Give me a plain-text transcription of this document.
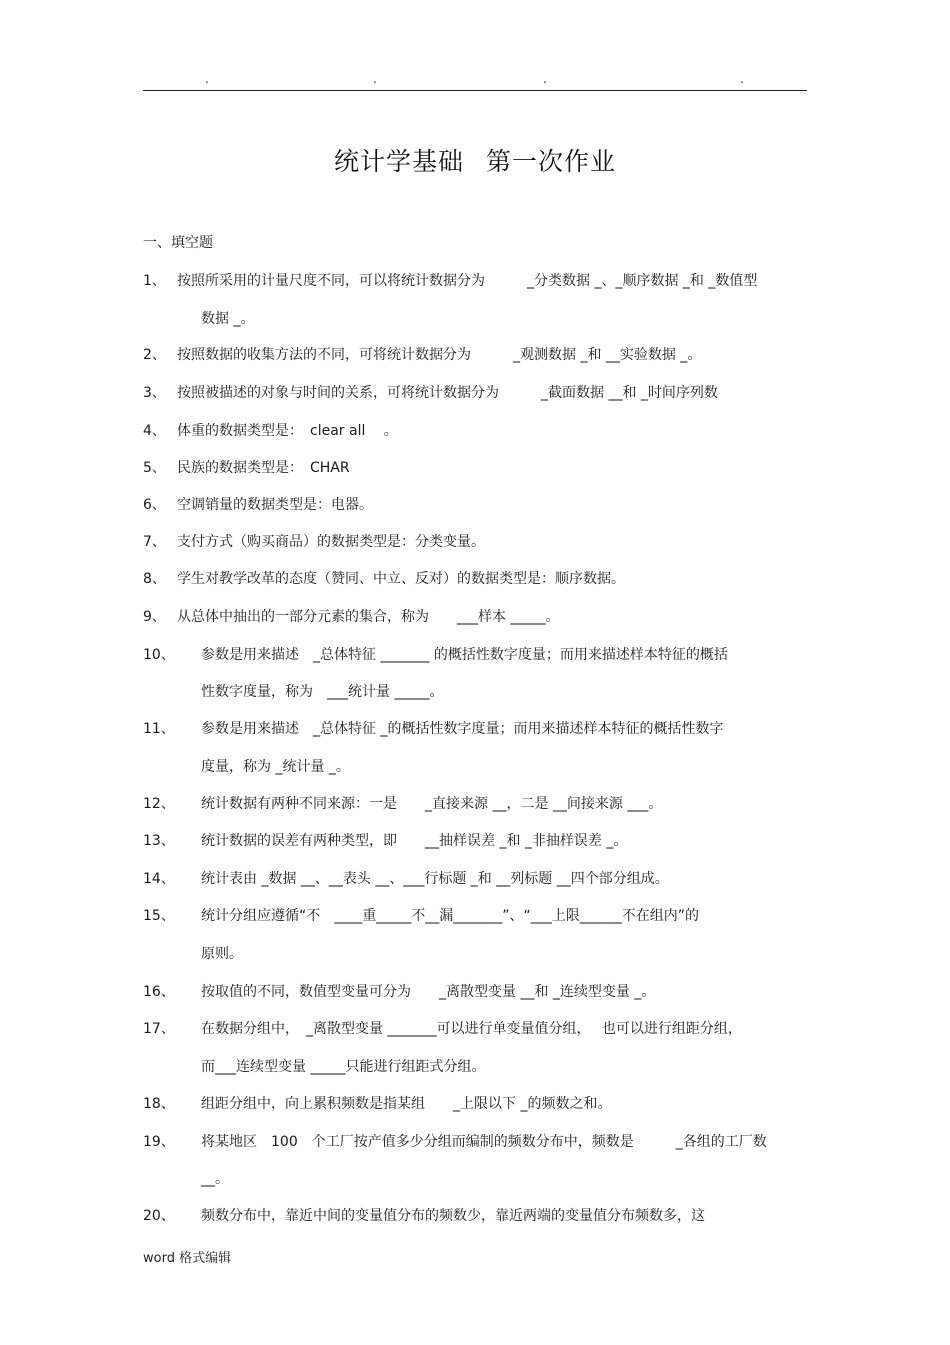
.	.	.	.
统计学基础 第一次作业
一、填空题
1、 按照所采用的计量尺度不同，可以将统计数据分为　　　_分类数据 _、_顺序数据 _和 _数值型
数据 _。
2、 按照数据的收集方法的不同，可将统计数据分为　　　_观测数据 _和 __实验数据 _。
3、 按照被描述的对象与时间的关系，可将统计数据分为　　　_截面数据 __和 _时间序列数
4、 体重的数据类型是：　clear all　 。
5、 民族的数据类型是：　CHAR
6、 空调销量的数据类型是：电器。
7、 支付方式（购买商品）的数据类型是：分类变量。
8、 学生对教学改革的态度（赞同、中立、反对）的数据类型是：顺序数据。
9、 从总体中抽出的一部分元素的集合，称为　　___样本 _____。
10、 参数是用来描述　_总体特征 _______ 的概括性数字度量；而用来描述样本特征的概括
性数字度量，称为　___统计量 _____。
11、 参数是用来描述　_总体特征 _的概括性数字度量；而用来描述样本特征的概括性数字
度量，称为 _统计量 _。
12、 统计数据有两种不同来源：一是　　_直接来源 __，二是 __间接来源 ___。
13、 统计数据的误差有两种类型，即　　__抽样误差 _和 _非抽样误差 _。
14、 统计表由 _数据 __、__表头 __、___行标题 _和 __列标题 __四个部分组成。
15、 统计分组应遵循“不　____重_____不__漏_______”、“___上限______不在组内”的
原则。
16、 按取值的不同，数值型变量可分为　　_离散型变量 __和 _连续型变量 _。
17、 在数据分组中，　_离散型变量 _______可以进行单变量值分组，　 也可以进行组距分组，
而___连续型变量 _____只能进行组距式分组。
18、 组距分组中，向上累积频数是指某组　　_上限以下 _的频数之和。
19、 将某地区　100　个工厂按产值多少分组而编制的频数分布中，频数是　　　_各组的工厂数
__。
20、 频数分布中，靠近中间的变量值分布的频数少，靠近两端的变量值分布频数多，这
word 格式编辑
